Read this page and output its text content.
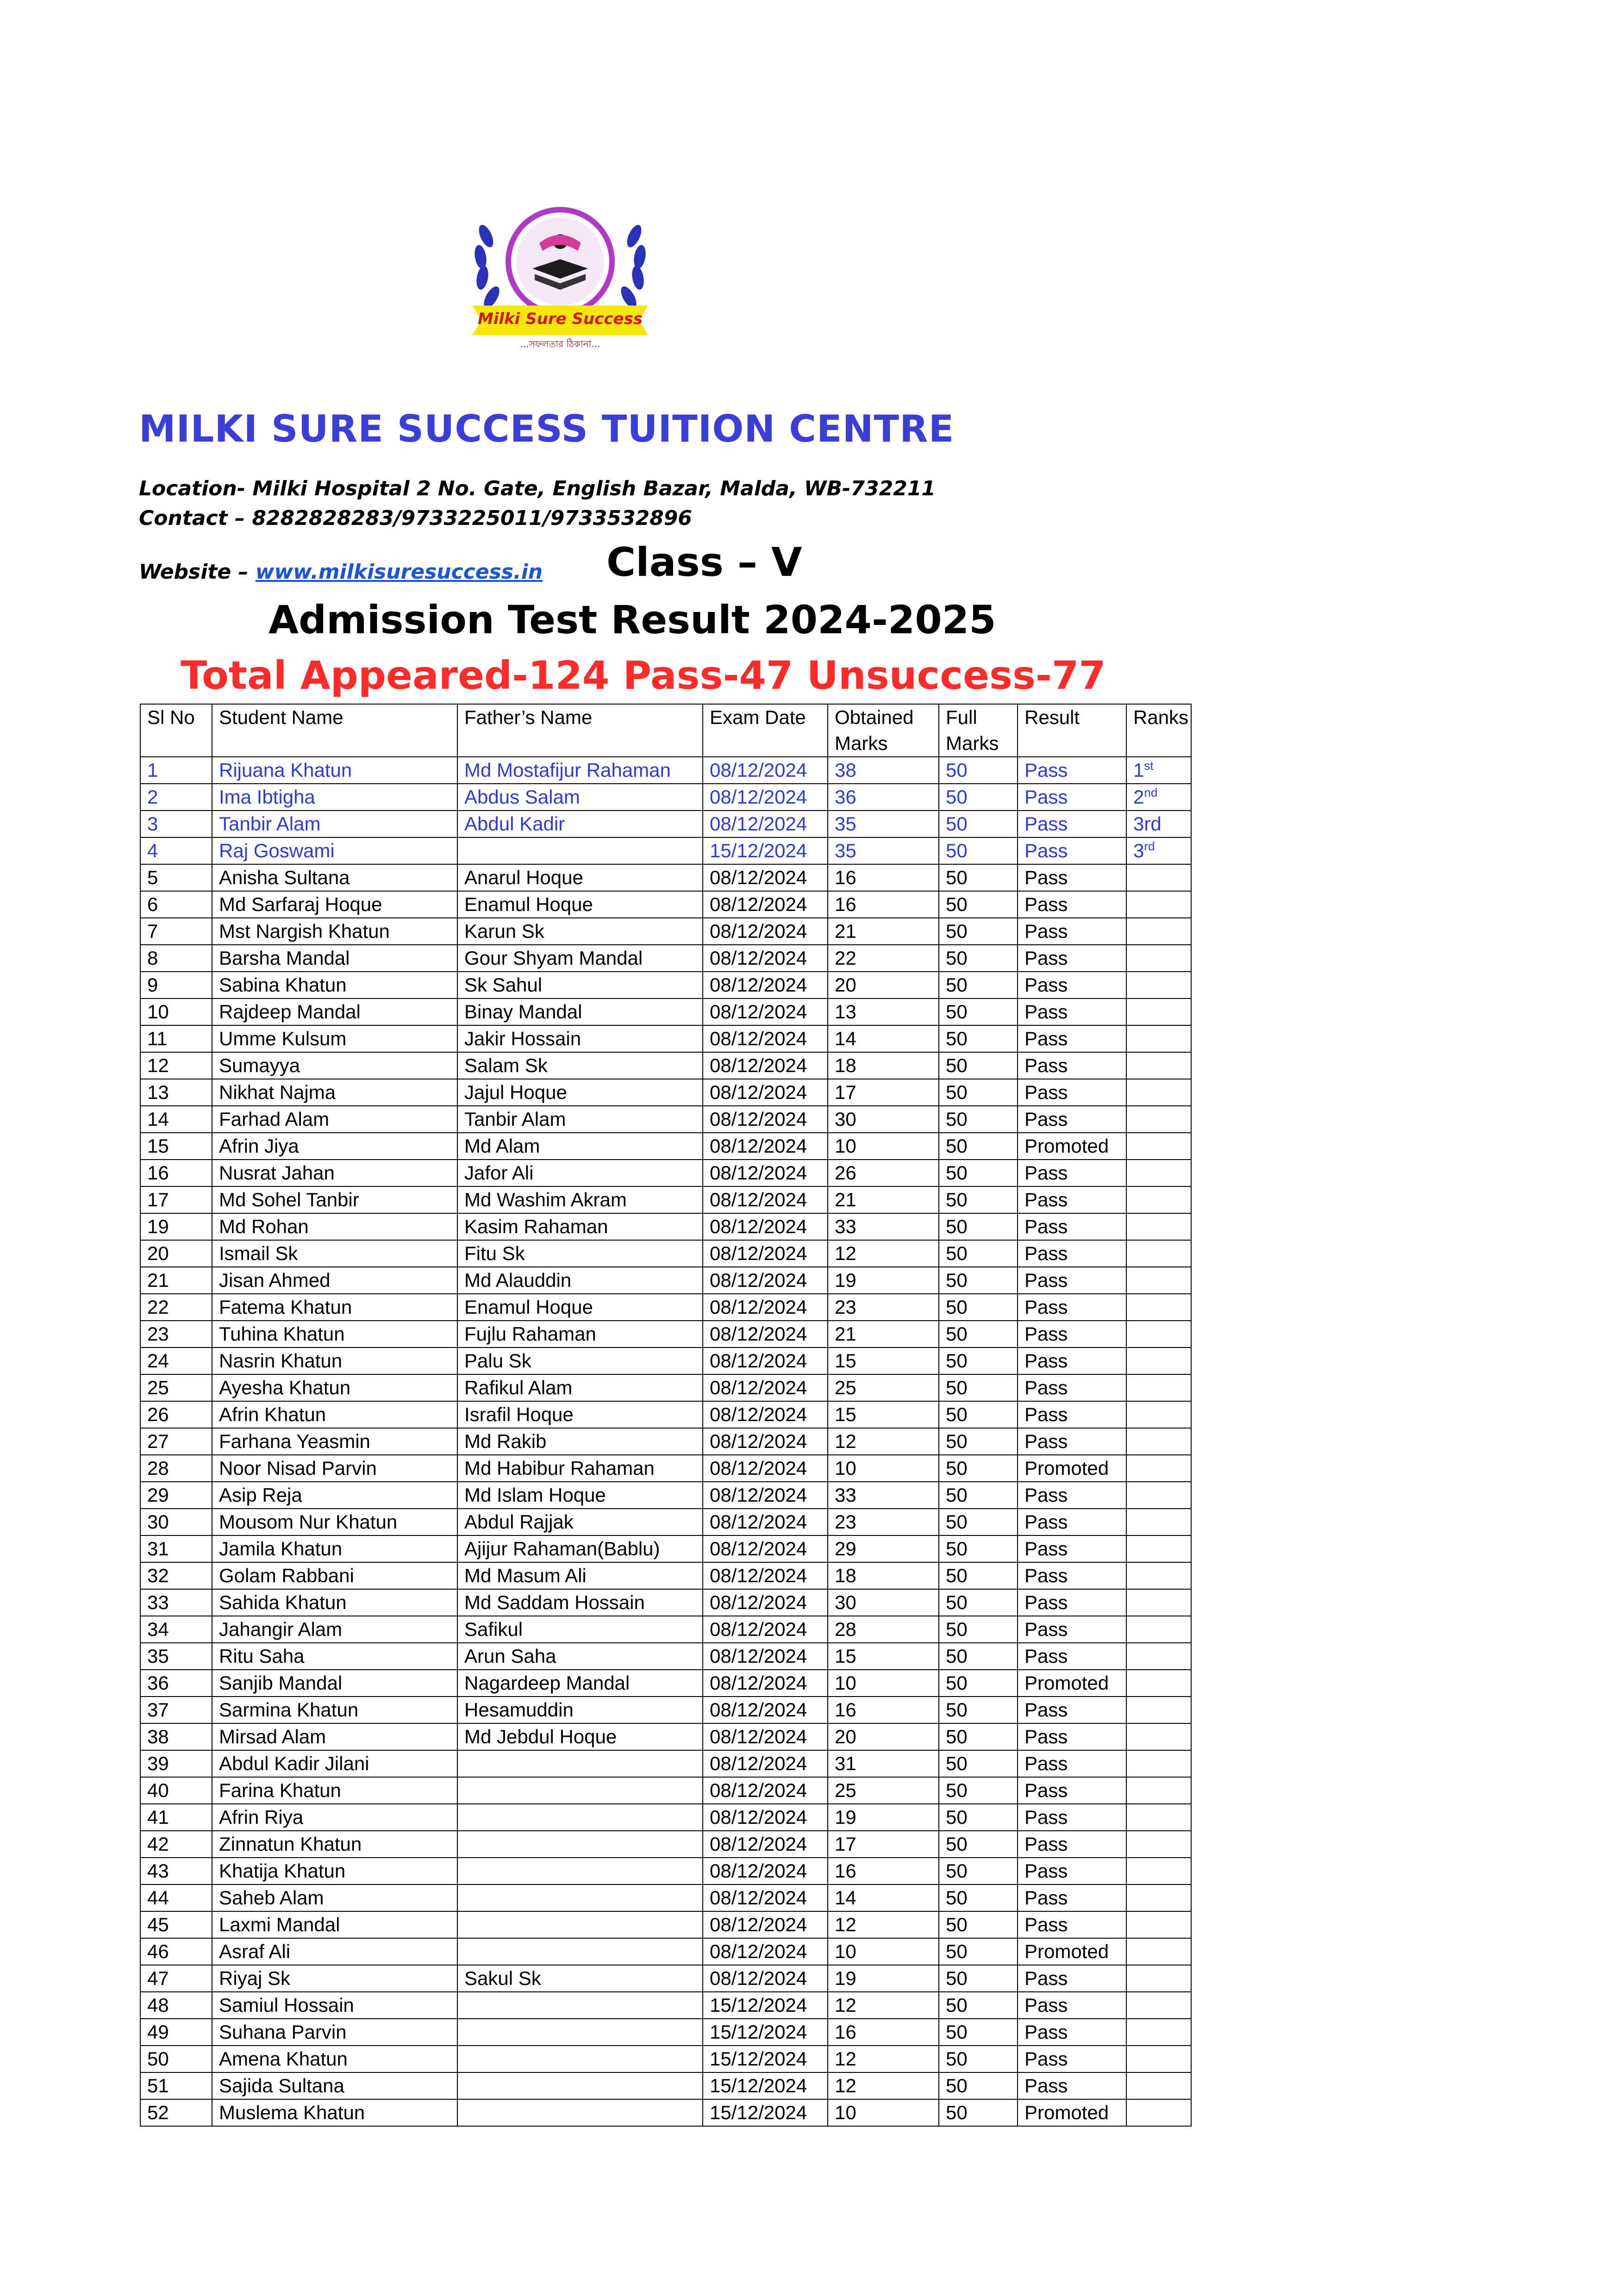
Milki Sure Success
...সফলতার ঠিকানা...
MILKI SURE SUCCESS TUITION CENTRE

Location- Milki Hospital 2 No. Gate, English Bazar, Malda, WB-732211

Contact – 8282828283/9733225011/9733532896

Website – www.milkisuresuccess.in Class – V
Admission Test Result 2024-2025
Total Appeared-124 Pass-47 Unsuccess-77
Sl No	Student Name	Father’s Name	Exam Date	Obtained Marks	Full Marks	Result	Ranks
1	Rijuana Khatun	Md Mostafijur Rahaman	08/12/2024	38	50	Pass	1st
2	Ima Ibtigha	Abdus Salam	08/12/2024	36	50	Pass	2nd
3	Tanbir Alam	Abdul Kadir	08/12/2024	35	50	Pass	3rd
4	Raj Goswami		15/12/2024	35	50	Pass	3rd
5	Anisha Sultana	Anarul Hoque	08/12/2024	16	50	Pass	
6	Md Sarfaraj Hoque	Enamul Hoque	08/12/2024	16	50	Pass	
7	Mst Nargish Khatun	Karun Sk	08/12/2024	21	50	Pass	
8	Barsha Mandal	Gour Shyam Mandal	08/12/2024	22	50	Pass	
9	Sabina Khatun	Sk Sahul	08/12/2024	20	50	Pass	
10	Rajdeep Mandal	Binay Mandal	08/12/2024	13	50	Pass	
11	Umme Kulsum	Jakir Hossain	08/12/2024	14	50	Pass	
12	Sumayya	Salam Sk	08/12/2024	18	50	Pass	
13	Nikhat Najma	Jajul Hoque	08/12/2024	17	50	Pass	
14	Farhad Alam	Tanbir Alam	08/12/2024	30	50	Pass	
15	Afrin Jiya	Md Alam	08/12/2024	10	50	Promoted	
16	Nusrat Jahan	Jafor Ali	08/12/2024	26	50	Pass	
17	Md Sohel Tanbir	Md Washim Akram	08/12/2024	21	50	Pass	
19	Md Rohan	Kasim Rahaman	08/12/2024	33	50	Pass	
20	Ismail Sk	Fitu Sk	08/12/2024	12	50	Pass	
21	Jisan Ahmed	Md Alauddin	08/12/2024	19	50	Pass	
22	Fatema Khatun	Enamul Hoque	08/12/2024	23	50	Pass	
23	Tuhina Khatun	Fujlu Rahaman	08/12/2024	21	50	Pass	
24	Nasrin Khatun	Palu Sk	08/12/2024	15	50	Pass	
25	Ayesha Khatun	Rafikul Alam	08/12/2024	25	50	Pass	
26	Afrin Khatun	Israfil Hoque	08/12/2024	15	50	Pass	
27	Farhana Yeasmin	Md Rakib	08/12/2024	12	50	Pass	
28	Noor Nisad Parvin	Md Habibur Rahaman	08/12/2024	10	50	Promoted	
29	Asip Reja	Md Islam Hoque	08/12/2024	33	50	Pass	
30	Mousom Nur Khatun	Abdul Rajjak	08/12/2024	23	50	Pass	
31	Jamila Khatun	Ajijur Rahaman(Bablu)	08/12/2024	29	50	Pass	
32	Golam Rabbani	Md Masum Ali	08/12/2024	18	50	Pass	
33	Sahida Khatun	Md Saddam Hossain	08/12/2024	30	50	Pass	
34	Jahangir Alam	Safikul	08/12/2024	28	50	Pass	
35	Ritu Saha	Arun Saha	08/12/2024	15	50	Pass	
36	Sanjib Mandal	Nagardeep Mandal	08/12/2024	10	50	Promoted	
37	Sarmina Khatun	Hesamuddin	08/12/2024	16	50	Pass	
38	Mirsad Alam	Md Jebdul Hoque	08/12/2024	20	50	Pass	
39	Abdul Kadir Jilani		08/12/2024	31	50	Pass	
40	Farina Khatun		08/12/2024	25	50	Pass	
41	Afrin Riya		08/12/2024	19	50	Pass	
42	Zinnatun Khatun		08/12/2024	17	50	Pass	
43	Khatija Khatun		08/12/2024	16	50	Pass	
44	Saheb Alam		08/12/2024	14	50	Pass	
45	Laxmi Mandal		08/12/2024	12	50	Pass	
46	Asraf Ali		08/12/2024	10	50	Promoted	
47	Riyaj Sk	Sakul Sk	08/12/2024	19	50	Pass	
48	Samiul Hossain		15/12/2024	12	50	Pass	
49	Suhana Parvin		15/12/2024	16	50	Pass	
50	Amena Khatun		15/12/2024	12	50	Pass	
51	Sajida Sultana		15/12/2024	12	50	Pass	
52	Muslema Khatun		15/12/2024	10	50	Promoted	
